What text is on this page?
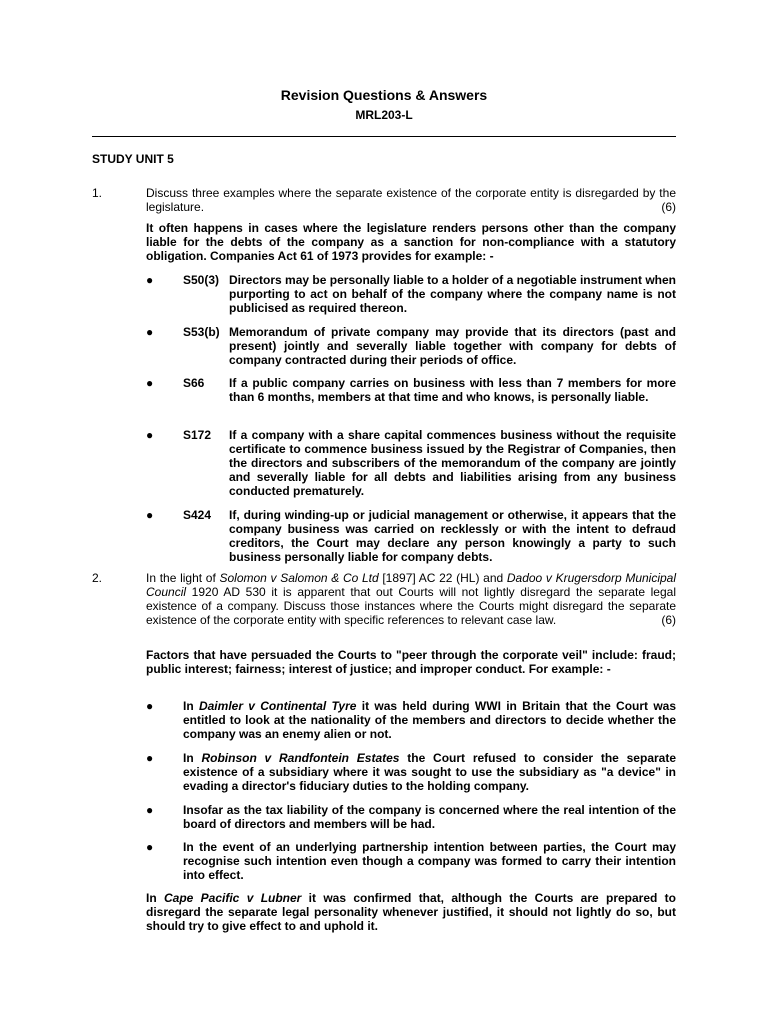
Revision Questions & Answers
MRL203-L
STUDY UNIT 5
1.	Discuss three examples where the separate existence of the corporate entity is disregarded by the legislature.	(6)
It often happens in cases where the legislature renders persons other than the company liable for the debts of the company as a sanction for non-compliance with a statutory obligation. Companies Act 61 of 1973 provides for example: -
● S50(3) Directors may be personally liable to a holder of a negotiable instrument when purporting to act on behalf of the company where the company name is not publicised as required thereon.
● S53(b) Memorandum of private company may provide that its directors (past and present) jointly and severally liable together with company for debts of company contracted during their periods of office.
● S66 If a public company carries on business with less than 7 members for more than 6 months, members at that time and who knows, is personally liable.
● S172 If a company with a share capital commences business without the requisite certificate to commence business issued by the Registrar of Companies, then the directors and subscribers of the memorandum of the company are jointly and severally liable for all debts and liabilities arising from any business conducted prematurely.
● S424 If, during winding-up or judicial management or otherwise, it appears that the company business was carried on recklessly or with the intent to defraud creditors, the Court may declare any person knowingly a party to such business personally liable for company debts.
2.	In the light of Solomon v Salomon & Co Ltd [1897] AC 22 (HL) and Dadoo v Krugersdorp Municipal Council 1920 AD 530 it is apparent that out Courts will not lightly disregard the separate legal existence of a company. Discuss those instances where the Courts might disregard the separate existence of the corporate entity with specific references to relevant case law.	(6)
Factors that have persuaded the Courts to "peer through the corporate veil" include: fraud; public interest; fairness; interest of justice; and improper conduct. For example: -
● In Daimler v Continental Tyre it was held during WWI in Britain that the Court was entitled to look at the nationality of the members and directors to decide whether the company was an enemy alien or not.
● In Robinson v Randfontein Estates the Court refused to consider the separate existence of a subsidiary where it was sought to use the subsidiary as "a device" in evading a director's fiduciary duties to the holding company.
● Insofar as the tax liability of the company is concerned where the real intention of the board of directors and members will be had.
● In the event of an underlying partnership intention between parties, the Court may recognise such intention even though a company was formed to carry their intention into effect.
In Cape Pacific v Lubner it was confirmed that, although the Courts are prepared to disregard the separate legal personality whenever justified, it should not lightly do so, but should try to give effect to and uphold it.
